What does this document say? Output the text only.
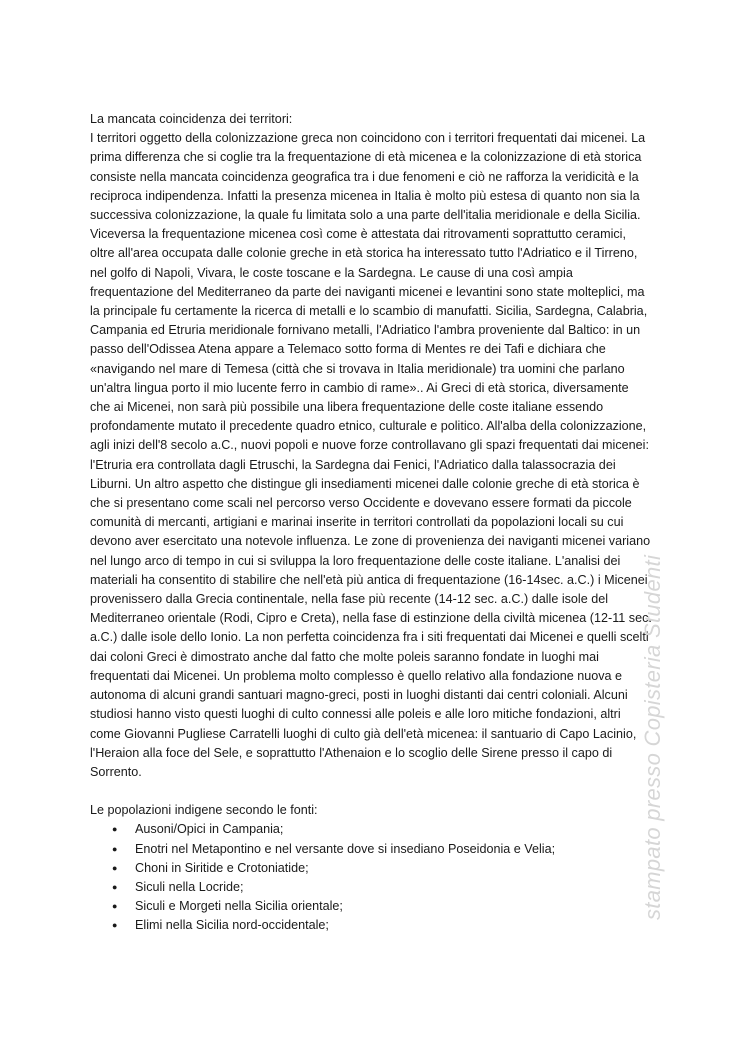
La mancata coincidenza dei territori:

I territori oggetto della colonizzazione greca non coincidono con i territori frequentati dai micenei. La prima differenza che si coglie tra la frequentazione di età micenea e la colonizzazione di età storica consiste nella mancata coincidenza geografica tra i due fenomeni e ciò ne rafforza la veridicità e la reciproca indipendenza. Infatti la presenza micenea in Italia è molto più estesa di quanto non sia la successiva colonizzazione, la quale fu limitata solo a una parte dell'italia meridionale e della Sicilia. Viceversa la frequentazione micenea così come è attestata dai ritrovamenti soprattutto ceramici, oltre all'area occupata dalle colonie greche in età storica ha interessato tutto l'Adriatico e il Tirreno, nel golfo di Napoli, Vivara, le coste toscane e la Sardegna. Le cause di una così ampia frequentazione del Mediterraneo da parte dei naviganti micenei e levantini sono state molteplici, ma la principale fu certamente la ricerca di metalli e lo scambio di manufatti. Sicilia, Sardegna, Calabria, Campania ed Etruria meridionale fornivano metalli, l'Adriatico l'ambra proveniente dal Baltico: in un passo dell'Odissea Atena appare a Telemaco sotto forma di Mentes re dei Tafi e dichiara che «navigando nel mare di Temesa (città che si trovava in Italia meridionale) tra uomini che parlano un'altra lingua porto il mio lucente ferro in cambio di rame».. Ai Greci di età storica, diversamente che ai Micenei, non sarà più possibile una libera frequentazione delle coste italiane essendo profondamente mutato il precedente quadro etnico, culturale e politico. All'alba della colonizzazione, agli inizi dell'8 secolo a.C., nuovi popoli e nuove forze controllavano gli spazi frequentati dai micenei: l'Etruria era controllata dagli Etruschi, la Sardegna dai Fenici, l'Adriatico dalla talassocrazia dei Liburni. Un altro aspetto che distingue gli insediamenti micenei dalle colonie greche di età storica è che si presentano come scali nel percorso verso Occidente e dovevano essere formati da piccole comunità di mercanti, artigiani e marinai inserite in territori controllati da popolazioni locali su cui devono aver esercitato una notevole influenza. Le zone di provenienza dei naviganti micenei variano nel lungo arco di tempo in cui si sviluppa la loro frequentazione delle coste italiane. L'analisi dei materiali ha consentito di stabilire che nell'età più antica di frequentazione (16-14sec. a.C.) i Micenei provenissero dalla Grecia continentale, nella fase più recente (14-12 sec. a.C.) dalle isole del Mediterraneo orientale (Rodi, Cipro e Creta), nella fase di estinzione della civiltà micenea (12-11 sec. a.C.) dalle isole dello Ionio. La non perfetta coincidenza fra i siti frequentati dai Micenei e quelli scelti dai coloni Greci è dimostrato anche dal fatto che molte poleis saranno fondate in luoghi mai frequentati dai Micenei. Un problema molto complesso è quello relativo alla fondazione nuova e autonoma di alcuni grandi santuari magno-greci, posti in luoghi distanti dai centri coloniali. Alcuni studiosi hanno visto questi luoghi di culto connessi alle poleis e alle loro mitiche fondazioni, altri come Giovanni Pugliese Carratelli luoghi di culto già dell'età micenea: il santuario di Capo Lacinio, l'Heraion alla foce del Sele, e soprattutto l'Athenaion e lo scoglio delle Sirene presso il capo di Sorrento.

Le popolazioni indigene secondo le fonti:

● Ausoni/Opici in Campania;
● Enotri nel Metapontino e nel versante dove si insediano Poseidonia e Velia;
● Choni in Siritide e Crotoniatide;
● Siculi nella Locride;
● Siculi e Morgeti nella Sicilia orientale;
● Elimi nella Sicilia nord-occidentale;
stampato presso Copisteria Studenti
